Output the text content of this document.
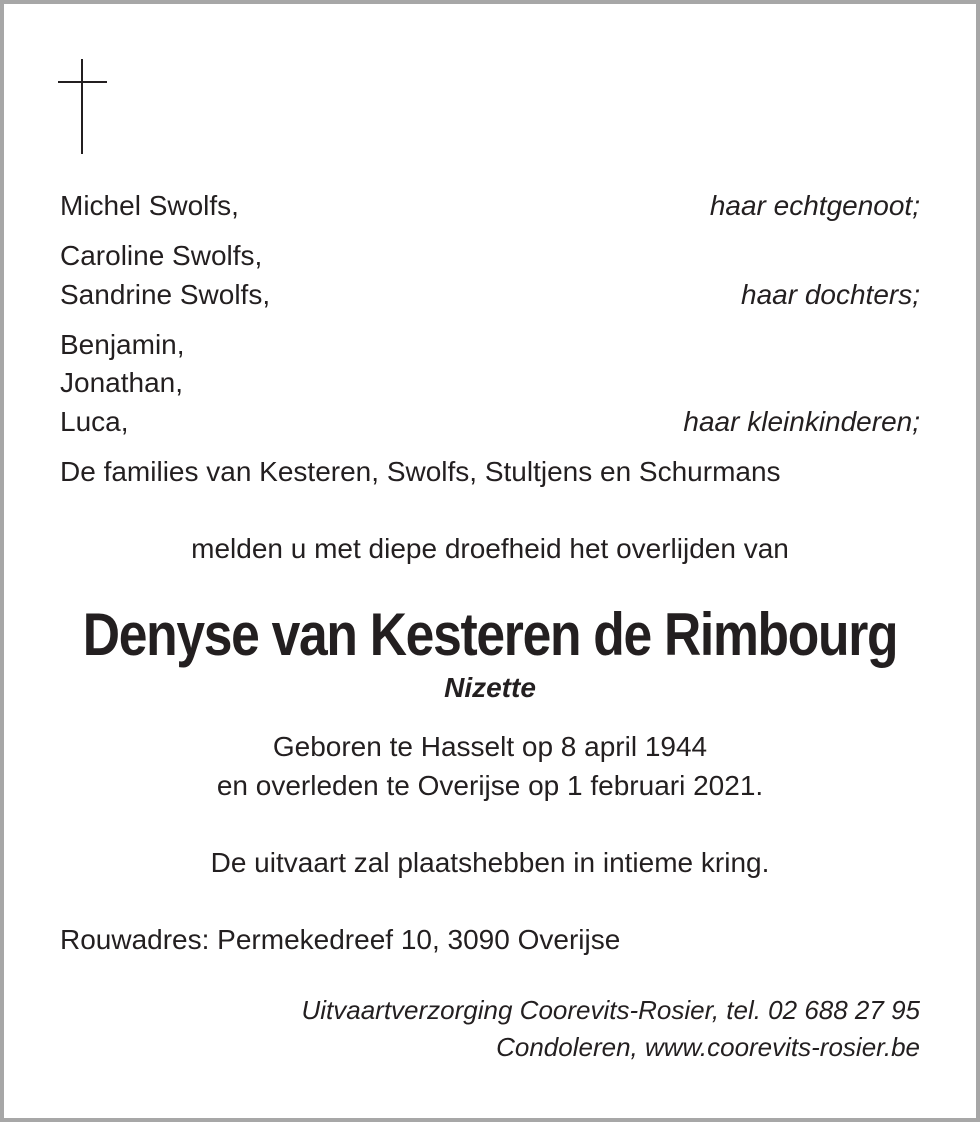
Michel Swolfs,	haar echtgenoot;
Caroline Swolfs,
Sandrine Swolfs,	haar dochters;
Benjamin,
Jonathan,
Luca,	haar kleinkinderen;
De families van Kesteren, Swolfs, Stultjens en Schurmans
melden u met diepe droefheid het overlijden van
Denyse van Kesteren de Rimbourg
Nizette
Geboren te Hasselt op 8 april 1944
en overleden te Overijse op 1 februari 2021.
De uitvaart zal plaatshebben in intieme kring.
Rouwadres: Permekedreef 10, 3090 Overijse
Uitvaartverzorging Coorevits-Rosier, tel. 02 688 27 95
Condoleren, www.coorevits-rosier.be
